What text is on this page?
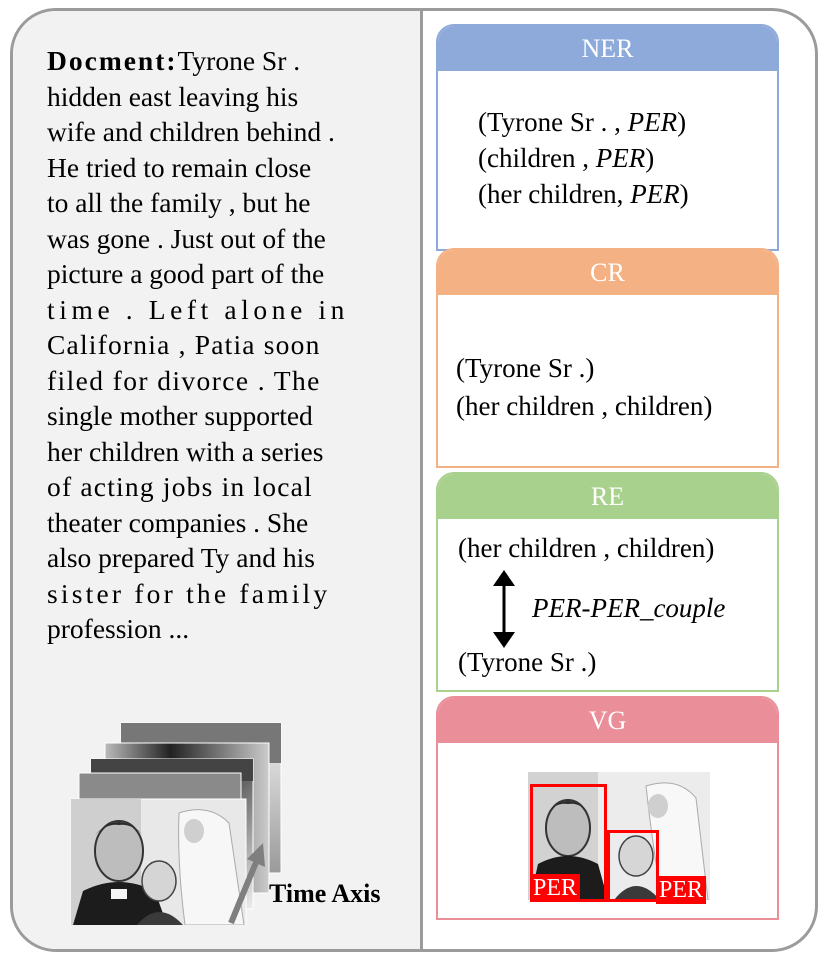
Docment:Tyrone Sr .
hidden east leaving his
wife and children behind .
He tried to remain close
to all the family , but he
was gone . Just out of the
picture a good part of the
time . Left alone in
California , Patia soon
filed for divorce . The
single mother supported
her children with a series
of acting jobs in local
theater companies . She
also prepared Ty and his
sister for the family
profession ...
Time Axis
NER
(Tyrone Sr . , PER)
(children , PER)
(her children, PER)
CR
(Tyrone Sr .)
(her children , children)
RE
(her children , children)
PER-PER_couple
(Tyrone Sr .)
VG
PER	PER
